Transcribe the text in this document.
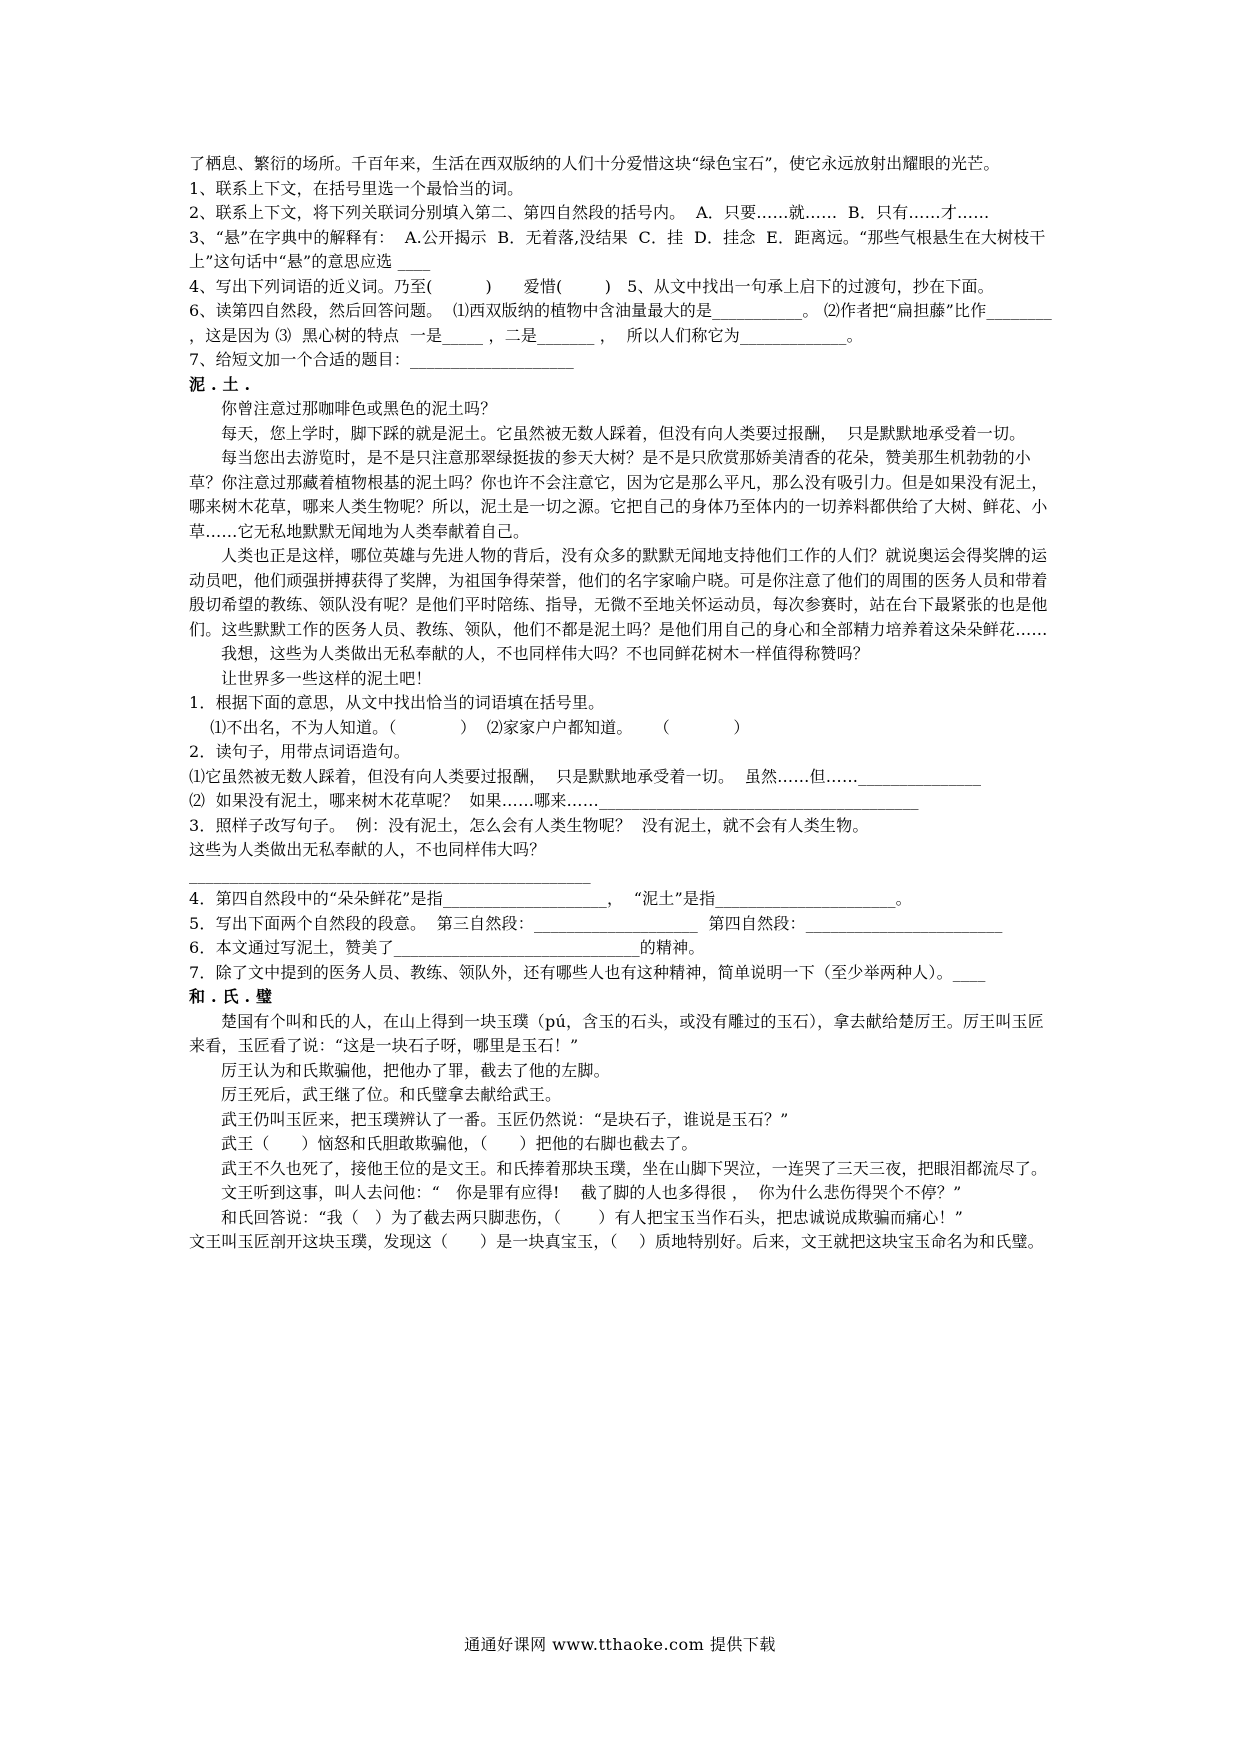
了栖息、繁衍的场所。千百年来，生活在西双版纳的人们十分爱惜这块“绿色宝石”，使它永远放射出耀眼的光芒。

1、联系上下文，在括号里选一个最恰当的词。

2、联系上下文，将下列关联词分别填入第二、第四自然段的括号内。  A．只要……就……  B．只有……才……

3、“悬”在字典中的解释有：  A.公开揭示  B．无着落,没结果  C．挂  D．挂念  E．距离远。“那些气根悬生在大树枝干上”这句话中“悬”的意思应选 ____

4、写出下列词语的近义词。乃至(          )      爱惜(        )   5、从文中找出一句承上启下的过渡句，抄在下面。

6、读第四自然段，然后回答问题。  ⑴西双版纳的植物中含油量最大的是___________。 ⑵作者把“扁担藤”比作________ ，这是因为 ⑶  黑心树的特点  一是_____ ，二是_______ ，  所以人们称它为_____________。

7、给短文加一个合适的题目：____________________

泥 . 土 .

你曾注意过那咖啡色或黑色的泥土吗？

每天，您上学时，脚下踩的就是泥土。它虽然被无数人踩着，但没有向人类要过报酬，  只是默默地承受着一切。

每当您出去游览时，是不是只注意那翠绿挺拔的参天大树？是不是只欣赏那娇美清香的花朵，赞美那生机勃勃的小草？你注意过那藏着植物根基的泥土吗？你也许不会注意它，因为它是那么平凡，那么没有吸引力。但是如果没有泥土，哪来树木花草，哪来人类生物呢？所以，泥土是一切之源。它把自己的身体乃至体内的一切养料都供给了大树、鲜花、小草……它无私地默默无闻地为人类奉献着自己。

人类也正是这样，哪位英雄与先进人物的背后，没有众多的默默无闻地支持他们工作的人们？就说奥运会得奖牌的运动员吧，他们顽强拼搏获得了奖牌，为祖国争得荣誉，他们的名字家喻户晓。可是你注意了他们的周围的医务人员和带着殷切希望的教练、领队没有呢？是他们平时陪练、指导，无微不至地关怀运动员，每次参赛时，站在台下最紧张的也是他们。这些默默工作的医务人员、教练、领队，他们不都是泥土吗？是他们用自己的身心和全部精力培养着这朵朵鲜花……

我想，这些为人类做出无私奉献的人，不也同样伟大吗？不也同鲜花树木一样值得称赞吗？

让世界多一些这样的泥土吧！

1．根据下面的意思，从文中找出恰当的词语填在括号里。

⑴不出名，不为人知道。（            ）  ⑵家家户户都知道。    （            ）

2．读句子，用带点词语造句。

⑴它虽然被无数人踩着，但没有向人类要过报酬，  只是默默地承受着一切。  虽然……但……_______________

⑵  如果没有泥土，哪来树木花草呢？  如果……哪来……_______________________________________

3．照样子改写句子。  例：没有泥土，怎么会有人类生物呢？  没有泥土，就不会有人类生物。

这些为人类做出无私奉献的人，不也同样伟大吗？

_________________________________________________

4．第四自然段中的“朵朵鲜花”是指____________________，  “泥土”是指______________________。

5．写出下面两个自然段的段意。  第三自然段：____________________  第四自然段：________________________

6．本文通过写泥土，赞美了______________________________的精神。

7．除了文中提到的医务人员、教练、领队外，还有哪些人也有这种精神，简单说明一下（至少举两种人）。____

和 . 氏 . 璧

楚国有个叫和氏的人，在山上得到一块玉璞（pú，含玉的石头，或没有雕过的玉石），拿去献给楚厉王。厉王叫玉匠来看，玉匠看了说：“这是一块石子呀，哪里是玉石！”

厉王认为和氏欺骗他，把他办了罪，截去了他的左脚。

厉王死后，武王继了位。和氏璧拿去献给武王。

武王仍叫玉匠来，把玉璞辨认了一番。玉匠仍然说：“是块石子，谁说是玉石？”

武王（      ）恼怒和氏胆敢欺骗他，（      ）把他的右脚也截去了。

武王不久也死了，接他王位的是文王。和氏捧着那块玉璞，坐在山脚下哭泣，一连哭了三天三夜，把眼泪都流尽了。

文王听到这事，叫人去问他：“   你是罪有应得!    截了脚的人也多得很 ，  你为什么悲伤得哭个不停？”

和氏回答说：“我（   ）为了截去两只脚悲伤，（       ）有人把宝玉当作石头，把忠诚说成欺骗而痛心！”

文王叫玉匠剖开这块玉璞，发现这（      ）是一块真宝玉，（    ）质地特别好。后来，文王就把这块宝玉命名为和氏璧。

通通好课网 www.tthaoke.com 提供下载
